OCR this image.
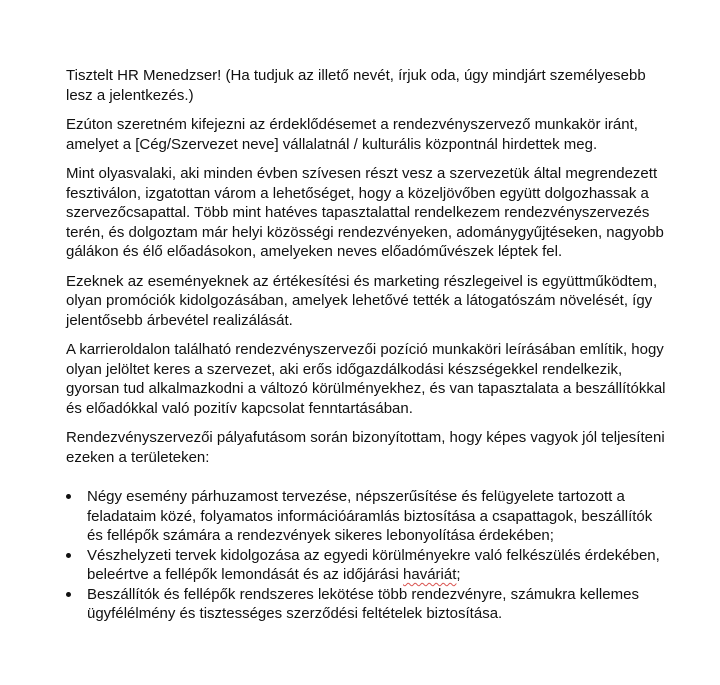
Tisztelt HR Menedzser! (Ha tudjuk az illető nevét, írjuk oda, úgy mindjárt személyesebb lesz a jelentkezés.)

Ezúton szeretném kifejezni az érdeklődésemet a rendezvényszervező munkakör iránt, amelyet a [Cég/Szervezet neve] vállalatnál / kulturális központnál hirdettek meg.

Mint olyasvalaki, aki minden évben szívesen részt vesz a szervezetük által megrendezett fesztiválon, izgatottan várom a lehetőséget, hogy a közeljövőben együtt dolgozhassak a szervezőcsapattal. Több mint hatéves tapasztalattal rendelkezem rendezvényszervezés terén, és dolgoztam már helyi közösségi rendezvényeken, adománygyűjtéseken, nagyobb gálákon és élő előadásokon, amelyeken neves előadóművészek léptek fel.

Ezeknek az eseményeknek az értékesítési és marketing részlegeivel is együttműködtem, olyan promóciók kidolgozásában, amelyek lehetővé tették a látogatószám növelését, így jelentősebb árbevétel realizálását.

A karrieroldalon található rendezvényszervezői pozíció munkaköri leírásában említik, hogy olyan jelöltet keres a szervezet, aki erős időgazdálkodási készségekkel rendelkezik, gyorsan tud alkalmazkodni a változó körülményekhez, és van tapasztalata a beszállítókkal és előadókkal való pozitív kapcsolat fenntartásában.

Rendezvényszervezői pályafutásom során bizonyítottam, hogy képes vagyok jól teljesíteni ezeken a területeken:

Négy esemény párhuzamost tervezése, népszerűsítése és felügyelete tartozott a feladataim közé, folyamatos információáramlás biztosítása a csapattagok, beszállítók és fellépők számára a rendezvények sikeres lebonyolítása érdekében;
Vészhelyzeti tervek kidolgozása az egyedi körülményekre való felkészülés érdekében, beleértve a fellépők lemondását és az időjárási haváriát;
Beszállítók és fellépők rendszeres lekötése több rendezvényre, számukra kellemes ügyfélélmény és tisztességes szerződési feltételek biztosítása.
